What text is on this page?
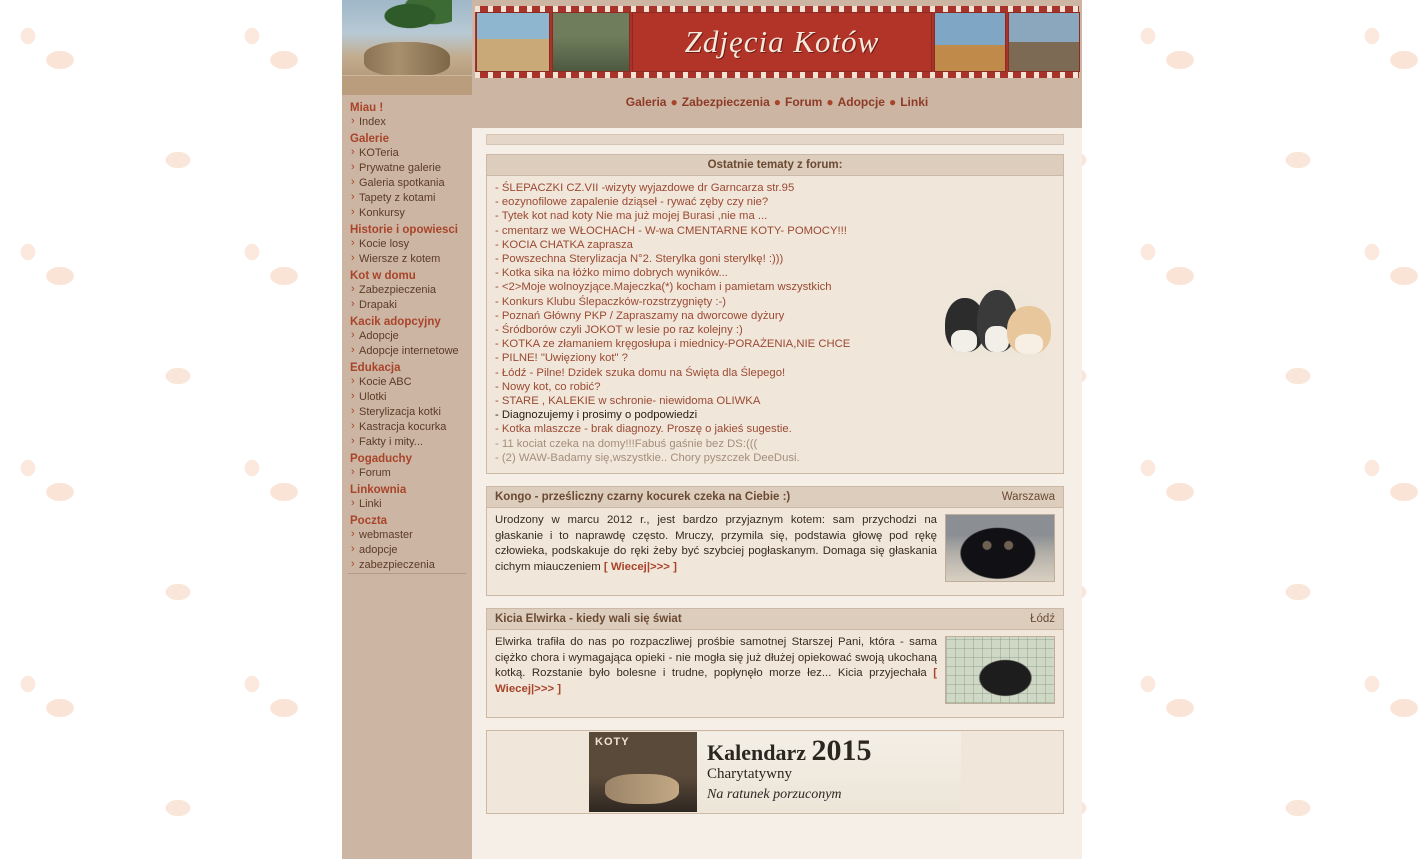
Miau !
› Index
Galerie
› KOTeria
› Prywatne galerie
› Galeria spotkania
› Tapety z kotami
› Konkursy
Historie i opowiesci
› Kocie losy
› Wiersze z kotem
Kot w domu
› Zabezpieczenia
› Drapaki
Kacik adopcyjny
› Adopcje
› Adopcje internetowe
Edukacja
› Kocie ABC
› Ulotki
› Sterylizacja kotki
› Kastracja kocurka
› Fakty i mity...
Pogaduchy
› Forum
Linkownia
› Linki
Poczta
› webmaster
› adopcje
› zabezpieczenia
Zdjęcia Kotów
Galeria ● Zabezpieczenia ● Forum ● Adopcje ● Linki
Ostatnie tematy z forum:
- ŚLEPACZKI CZ.VII -wizyty wyjazdowe dr Garncarza str.95
- eozynofilowe zapalenie dziąseł - rywać zęby czy nie?
- Tytek kot nad koty Nie ma już mojej Burasi ,nie ma ...
- cmentarz we WŁOCHACH - W-wa CMENTARNE KOTY- POMOCY!!!
- KOCIA CHATKA zaprasza
- Powszechna Sterylizacja N°2. Sterylka goni sterylkę! :)))
- Kotka sika na łóżko mimo dobrych wyników...
- <2>Moje wolnoyzjące.Majeczka(*) kocham i pamietam wszystkich
- Konkurs Klubu Ślepaczków-rozstrzygnięty :-)
- Poznań Główny PKP / Zapraszamy na dworcowe dyżury
- Śródborów czyli JOKOT w lesie po raz kolejny :)
- KOTKA ze złamaniem kręgosłupa i miednicy-PORAŻENIA,NIE CHCE
- PILNE! "Uwięziony kot" ?
- Łódź - Pilne! Dzidek szuka domu na Święta dla Ślepego!
- Nowy kot, co robić?
- STARE , KALEKIE w schronie- niewidoma OLIWKA
- Diagnozujemy i prosimy o podpowiedzi
- Kotka mlaszcze - brak diagnozy. Proszę o jakieś sugestie.
- 11 kociat czeka na domy!!!Fabuś gaśnie bez DS:(((
- (2) WAW-Badamy się,wszystkie.. Chory pyszczek DeeDusi.
Kongo - prześliczny czarny kocurek czeka na Ciebie :)	Warszawa
Urodzony w marcu 2012 r., jest bardzo przyjaznym kotem: sam przychodzi na głaskanie i to naprawdę często. Mruczy, przymila się, podstawia głowę pod rękę człowieka, podskakuje do ręki żeby być szybciej pogłaskanym. Domaga się głaskania cichym miauczeniem [ Wiecej|>>> ]
Kicia Elwirka - kiedy wali się świat	Łódź
Elwirka trafiła do nas po rozpaczliwej prośbie samotnej Starszej Pani, która - sama ciężko chora i wymagająca opieki - nie mogła się już dłużej opiekować swoją ukochaną kotką. Rozstanie było bolesne i trudne, popłynęło morze łez... Kicia przyjechała [ Wiecej|>>> ]
KOTY	Kalendarz 2015
Charytatywny
Na ratunek porzuconym
